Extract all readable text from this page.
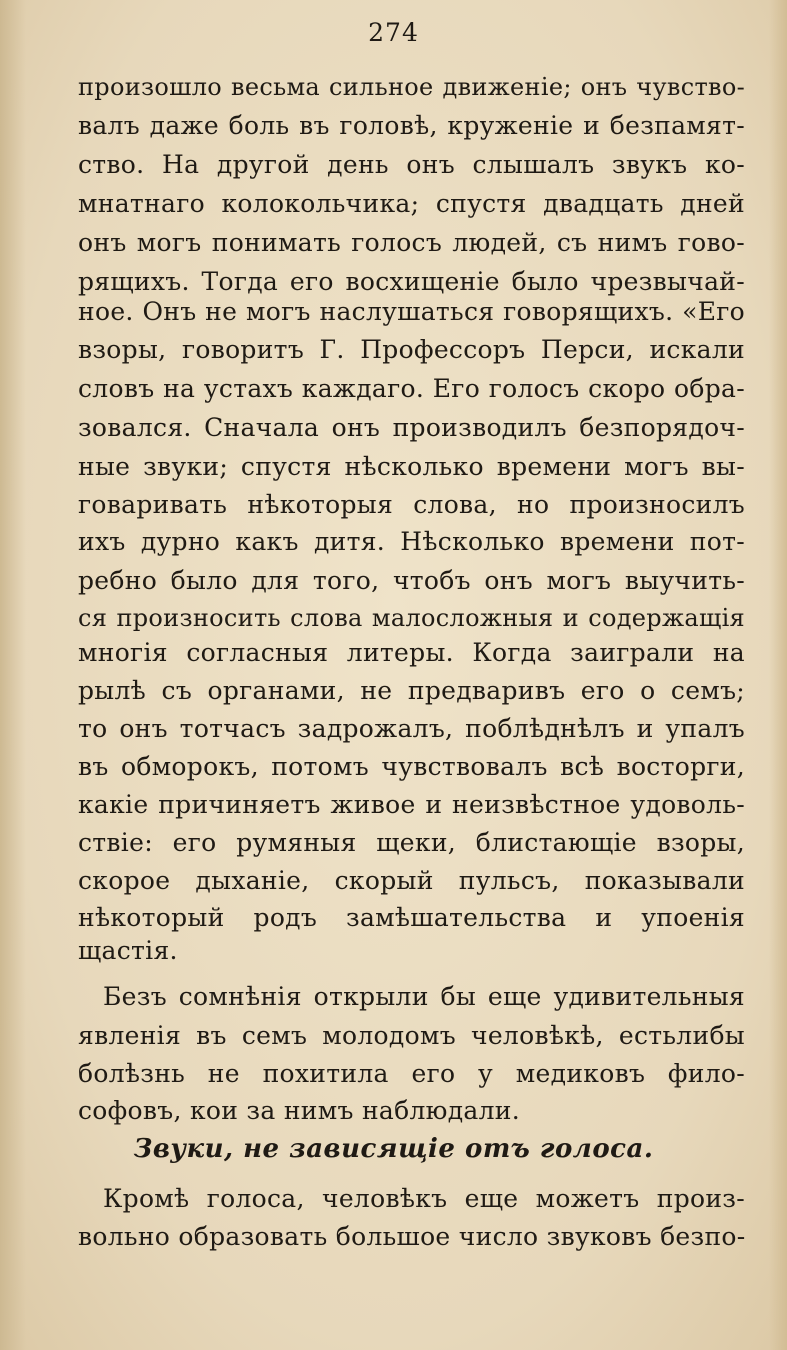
274
произошло весьма сильное движенiе; онъ чувство-
валъ даже боль въ головѣ, круженiе и безпамят-
ство. На другой день онъ слышалъ звукъ ко-
мнатнаго колокольчика; спустя двадцать дней
онъ могъ понимать голосъ людей, съ нимъ гово-
рящихъ. Тогда его восхищенiе было чрезвычай-
ное. Онъ не могъ наслушаться говорящихъ. «Его
взоры, говоритъ Г. Профессоръ Перси, искали
словъ на устахъ каждаго. Его голосъ скоро обра-
зовался. Сначала онъ производилъ безпорядоч-
ные звуки; спустя нѣсколько времени могъ вы-
говаривать нѣкоторыя слова, но произносилъ
ихъ дурно какъ дитя. Нѣсколько времени пот-
ребно было для того, чтобъ онъ могъ выучить-
ся произносить слова малосложныя и содержащiя
многiя согласныя литеры. Когда заиграли на
рылѣ съ органами, не предваривъ его о семъ;
то онъ тотчасъ задрожалъ, поблѣднѣлъ и упалъ
въ обморокъ, потомъ чувствовалъ всѣ восторги,
какiе причиняетъ живое и неизвѣстное удоволь-
ствiе: его румяныя щеки, блистающiе взоры,
скорое дыханiе, скорый пульсъ, показывали
нѣкоторый родъ замѣшательства и упоенiя
щастiя.
Безъ сомнѣнiя открыли бы еще удивительныя
явленiя въ семъ молодомъ человѣкѣ, естьлибы
болѣзнь не похитила его у медиковъ фило-
софовъ, кои за нимъ наблюдали.
Звуки, не зависящiе отъ голоса.
Кромѣ голоса, человѣкъ еще можетъ произ-
вольно образовать большое число звуковъ безпо-
